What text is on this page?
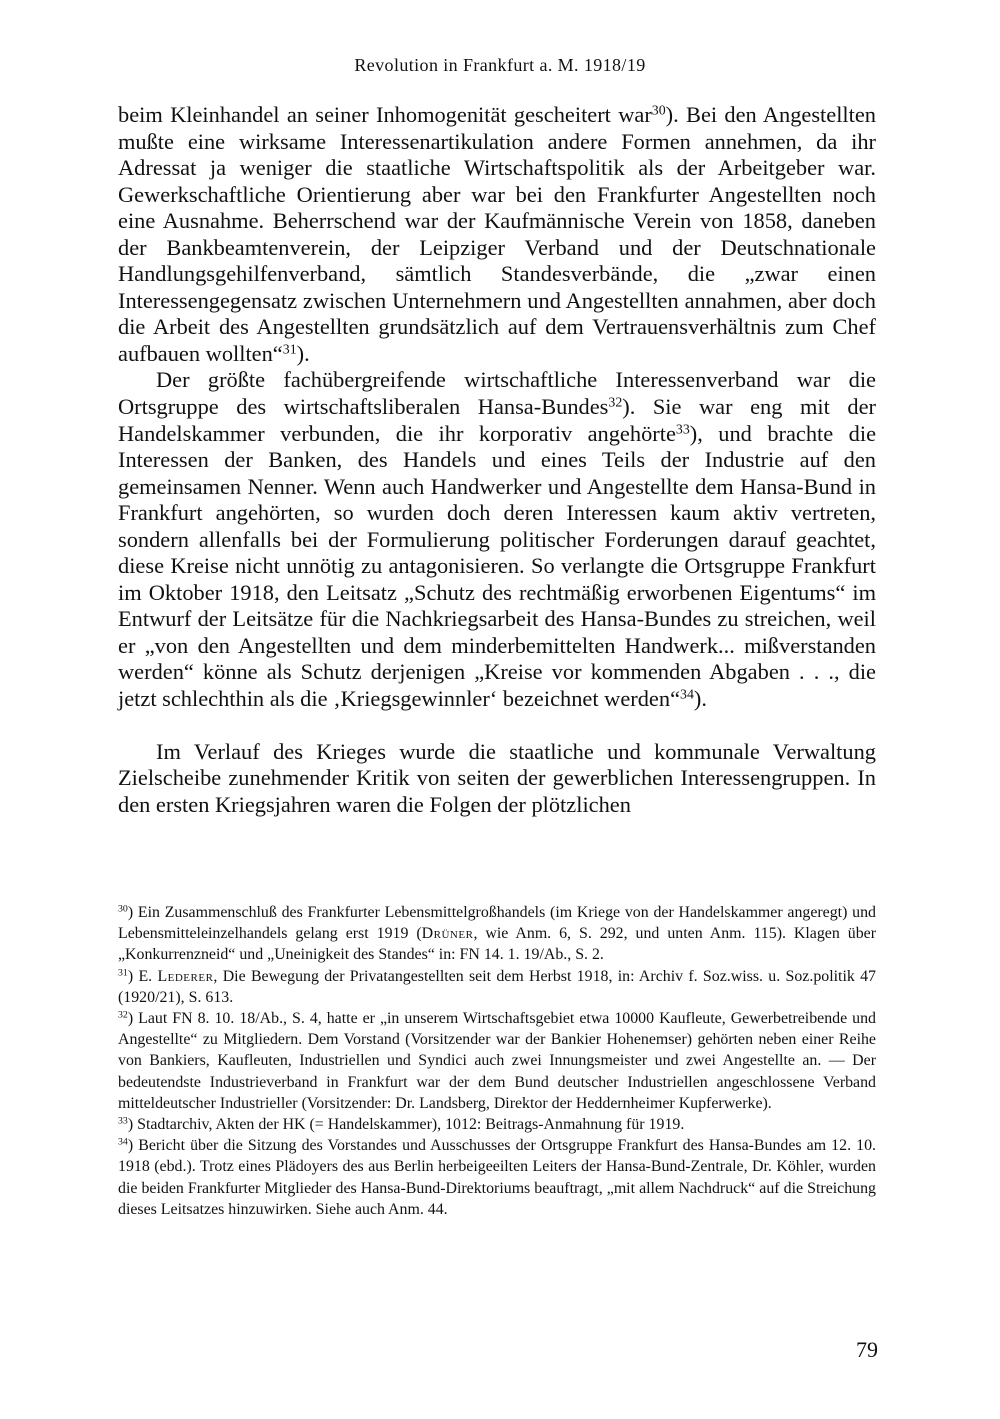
Revolution in Frankfurt a. M. 1918/19

beim Kleinhandel an seiner Inhomogenität gescheitert war$^{30}$). Bei den Angestellten mußte eine wirksame Interessenartikulation andere Formen annehmen, da ihr Adressat ja weniger die staatliche Wirtschaftspolitik als der Arbeitgeber war. Gewerkschaftliche Orientierung aber war bei den Frankfurter Angestellten noch eine Ausnahme. Beherrschend war der Kaufmännische Verein von 1858, daneben der Bankbeamtenverein, der Leipziger Verband und der Deutschnationale Handlungsgehilfenverband, sämtlich Standesverbände, die „zwar einen Interessengegensatz zwischen Unternehmern und Angestellten annahmen, aber doch die Arbeit des Angestellten grundsätzlich auf dem Vertrauensverhältnis zum Chef aufbauen wollten“$^{31}$).

Der größte fachübergreifende wirtschaftliche Interessenverband war die Ortsgruppe des wirtschaftsliberalen Hansa-Bundes$^{32}$). Sie war eng mit der Handelskammer verbunden, die ihr korporativ angehörte$^{33}$), und brachte die Interessen der Banken, des Handels und eines Teils der Industrie auf den gemeinsamen Nenner. Wenn auch Handwerker und Angestellte dem Hansa-Bund in Frankfurt angehörten, so wurden doch deren Interessen kaum aktiv vertreten, sondern allenfalls bei der Formulierung politischer Forderungen darauf geachtet, diese Kreise nicht unnötig zu antagonisieren. So verlangte die Ortsgruppe Frankfurt im Oktober 1918, den Leitsatz „Schutz des rechtmäßig erworbenen Eigentums“ im Entwurf der Leitsätze für die Nachkriegsarbeit des Hansa-Bundes zu streichen, weil er „von den Angestellten und dem minderbemittelten Handwerk... mißverstanden werden“ könne als Schutz derjenigen „Kreise vor kommenden Abgaben . . ., die jetzt schlechthin als die ‚Kriegsgewinnler‘ bezeichnet werden“$^{34}$).

Im Verlauf des Krieges wurde die staatliche und kommunale Verwaltung Zielscheibe zunehmender Kritik von seiten der gewerblichen Interessengruppen. In den ersten Kriegsjahren waren die Folgen der plötzlichen

$^{30}$) Ein Zusammenschluß des Frankfurter Lebensmittelgroßhandels (im Kriege von der Handelskammer angeregt) und Lebensmitteleinzelhandels gelang erst 1919 (Drüner, wie Anm. 6, S. 292, und unten Anm. 115). Klagen über „Konkurrenzneid“ und „Uneinigkeit des Standes“ in: FN 14. 1. 19/Ab., S. 2.

$^{31}$) E. Lederer, Die Bewegung der Privatangestellten seit dem Herbst 1918, in: Archiv f. Soz.wiss. u. Soz.politik 47 (1920/21), S. 613.

$^{32}$) Laut FN 8. 10. 18/Ab., S. 4, hatte er „in unserem Wirtschaftsgebiet etwa 10000 Kaufleute, Gewerbetreibende und Angestellte“ zu Mitgliedern. Dem Vorstand (Vorsitzender war der Bankier Hohenemser) gehörten neben einer Reihe von Bankiers, Kaufleuten, Industriellen und Syndici auch zwei Innungsmeister und zwei Angestellte an. — Der bedeutendste Industrieverband in Frankfurt war der dem Bund deutscher Industriellen angeschlossene Verband mitteldeutscher Industrieller (Vorsitzender: Dr. Landsberg, Direktor der Heddernheimer Kupferwerke).

$^{33}$) Stadtarchiv, Akten der HK (= Handelskammer), 1012: Beitrags-Anmahnung für 1919.

$^{34}$) Bericht über die Sitzung des Vorstandes und Ausschusses der Ortsgruppe Frankfurt des Hansa-Bundes am 12. 10. 1918 (ebd.). Trotz eines Plädoyers des aus Berlin herbeigeeilten Leiters der Hansa-Bund-Zentrale, Dr. Köhler, wurden die beiden Frankfurter Mitglieder des Hansa-Bund-Direktoriums beauftragt, „mit allem Nachdruck“ auf die Streichung dieses Leitsatzes hinzuwirken. Siehe auch Anm. 44.

79
